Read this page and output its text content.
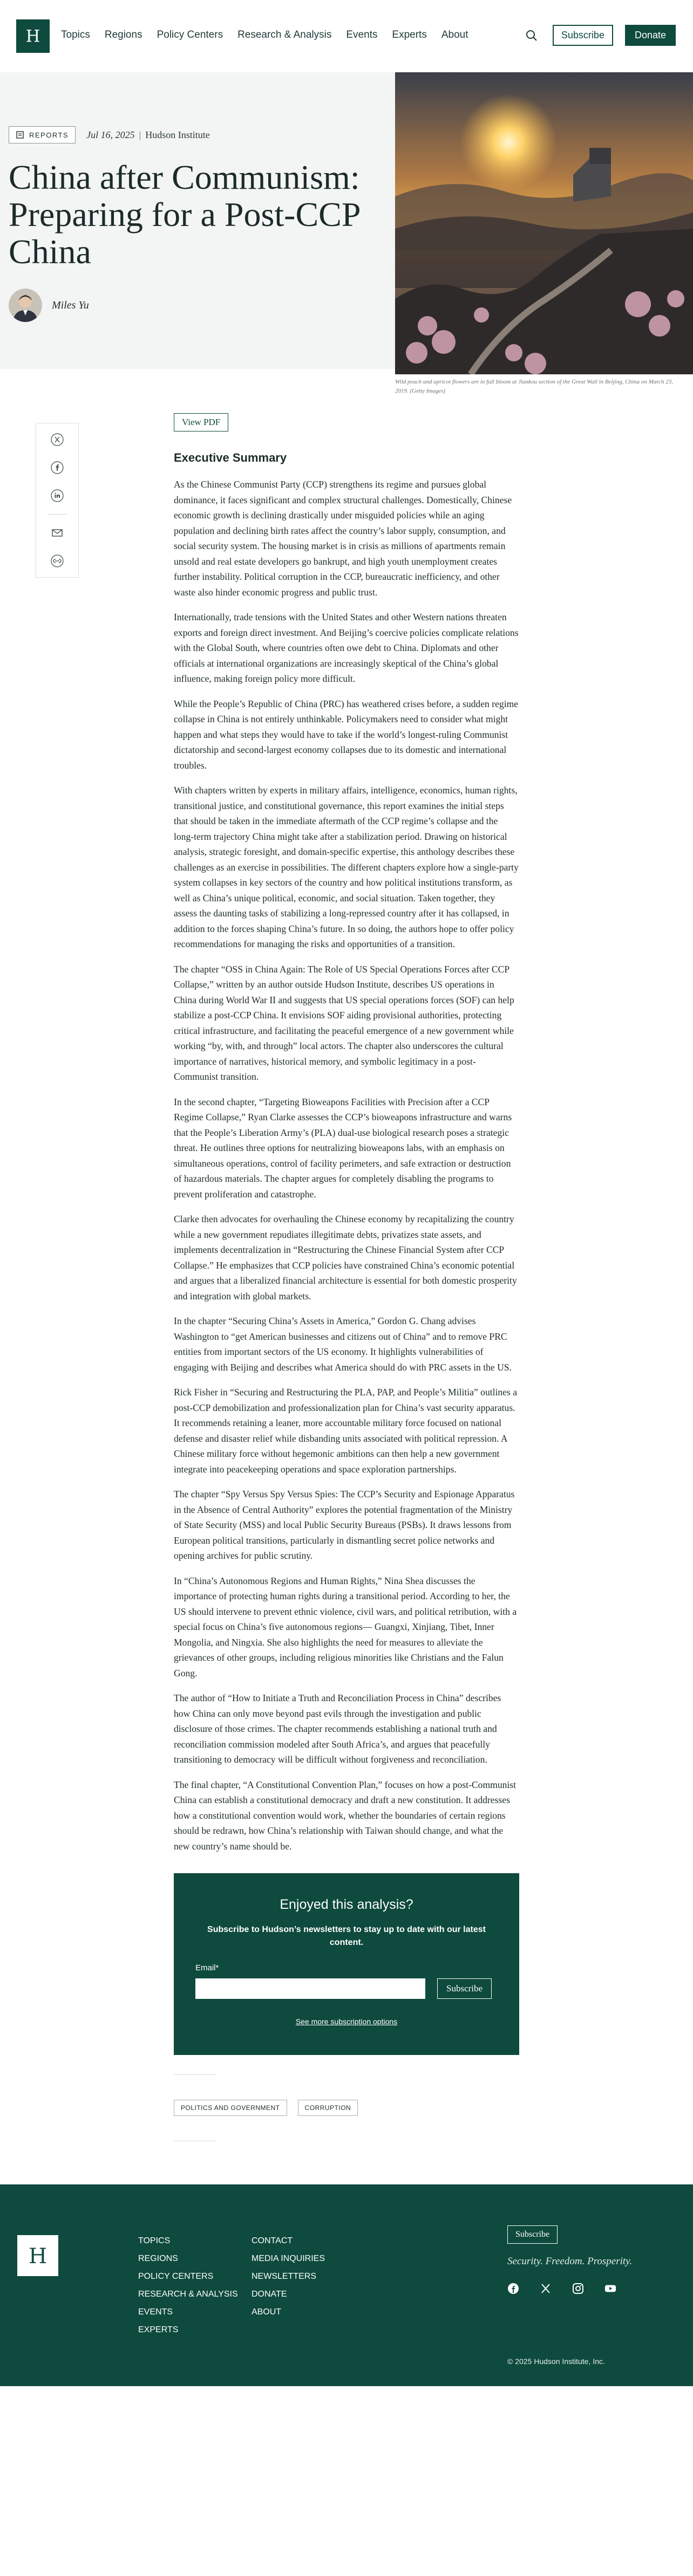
H Topics Regions Policy Centers Research & Analysis Events Experts About	Subscribe	Donate
REPORTS Jul 16, 2025 | Hudson Institute
China after Communism: Preparing for a Post-CCP China
Miles Yu

Wild peach and apricot flowers are in full bloom at Jiankou section of the Great Wall in Beijing, China on March 23, 2019. (Getty Images)

View PDF
Executive Summary

As the Chinese Communist Party (CCP) strengthens its regime and pursues global dominance, it faces significant and complex structural challenges. Domestically, Chinese economic growth is declining drastically under misguided policies while an aging population and declining birth rates affect the country’s labor supply, consumption, and social security system. The housing market is in crisis as millions of apartments remain unsold and real estate developers go bankrupt, and high youth unemployment creates further instability. Political corruption in the CCP, bureaucratic inefficiency, and other waste also hinder economic progress and public trust.

Internationally, trade tensions with the United States and other Western nations threaten exports and foreign direct investment. And Beijing’s coercive policies complicate relations with the Global South, where countries often owe debt to China. Diplomats and other officials at international organizations are increasingly skeptical of the China’s global influence, making foreign policy more difficult.

While the People’s Republic of China (PRC) has weathered crises before, a sudden regime collapse in China is not entirely unthinkable. Policymakers need to consider what might happen and what steps they would have to take if the world’s longest-ruling Communist dictatorship and second-largest economy collapses due to its domestic and international troubles.

With chapters written by experts in military affairs, intelligence, economics, human rights, transitional justice, and constitutional governance, this report examines the initial steps that should be taken in the immediate aftermath of the CCP regime’s collapse and the long-term trajectory China might take after a stabilization period. Drawing on historical analysis, strategic foresight, and domain-specific expertise, this anthology describes these challenges as an exercise in possibilities. The different chapters explore how a single-party system collapses in key sectors of the country and how political institutions transform, as well as China’s unique political, economic, and social situation. Taken together, they assess the daunting tasks of stabilizing a long-repressed country after it has collapsed, in addition to the forces shaping China’s future. In so doing, the authors hope to offer policy recommendations for managing the risks and opportunities of a transition.

The chapter “OSS in China Again: The Role of US Special Operations Forces after CCP Collapse,” written by an author outside Hudson Institute, describes US operations in China during World War II and suggests that US special operations forces (SOF) can help stabilize a post-CCP China. It envisions SOF aiding provisional authorities, protecting critical infrastructure, and facilitating the peaceful emergence of a new government while working “by, with, and through” local actors. The chapter also underscores the cultural importance of narratives, historical memory, and symbolic legitimacy in a post-Communist transition.

In the second chapter, “Targeting Bioweapons Facilities with Precision after a CCP Regime Collapse,” Ryan Clarke assesses the CCP’s bioweapons infrastructure and warns that the People’s Liberation Army’s (PLA) dual-use biological research poses a strategic threat. He outlines three options for neutralizing bioweapons labs, with an emphasis on simultaneous operations, control of facility perimeters, and safe extraction or destruction of hazardous materials. The chapter argues for completely disabling the programs to prevent proliferation and catastrophe.

Clarke then advocates for overhauling the Chinese economy by recapitalizing the country while a new government repudiates illegitimate debts, privatizes state assets, and implements decentralization in “Restructuring the Chinese Financial System after CCP Collapse.” He emphasizes that CCP policies have constrained China’s economic potential and argues that a liberalized financial architecture is essential for both domestic prosperity and integration with global markets.

In the chapter “Securing China’s Assets in America,” Gordon G. Chang advises Washington to “get American businesses and citizens out of China” and to remove PRC entities from important sectors of the US economy. It highlights vulnerabilities of engaging with Beijing and describes what America should do with PRC assets in the US.

Rick Fisher in “Securing and Restructuring the PLA, PAP, and People’s Militia” outlines a post-CCP demobilization and professionalization plan for China’s vast security apparatus. It recommends retaining a leaner, more accountable military force focused on national defense and disaster relief while disbanding units associated with political repression. A Chinese military force without hegemonic ambitions can then help a new government integrate into peacekeeping operations and space exploration partnerships.

The chapter “Spy Versus Spy Versus Spies: The CCP’s Security and Espionage Apparatus in the Absence of Central Authority” explores the potential fragmentation of the Ministry of State Security (MSS) and local Public Security Bureaus (PSBs). It draws lessons from European political transitions, particularly in dismantling secret police networks and opening archives for public scrutiny.

In “China’s Autonomous Regions and Human Rights,” Nina Shea discusses the importance of protecting human rights during a transitional period. According to her, the US should intervene to prevent ethnic violence, civil wars, and political retribution, with a special focus on China’s five autonomous regions— Guangxi, Xinjiang, Tibet, Inner Mongolia, and Ningxia. She also highlights the need for measures to alleviate the grievances of other groups, including religious minorities like Christians and the Falun Gong.

The author of “How to Initiate a Truth and Reconciliation Process in China” describes how China can only move beyond past evils through the investigation and public disclosure of those crimes. The chapter recommends establishing a national truth and reconciliation commission modeled after South Africa’s, and argues that peacefully transitioning to democracy will be difficult without forgiveness and reconciliation.

The final chapter, “A Constitutional Convention Plan,” focuses on how a post-Communist China can establish a constitutional democracy and draft a new constitution. It addresses how a constitutional convention would work, whether the boundaries of certain regions should be redrawn, how China’s relationship with Taiwan should change, and what the new country’s name should be.

Enjoyed this analysis?

Subscribe to Hudson’s newsletters to stay up to date with our latest content.

Email*
Subscribe
See more subscription options
POLITICS AND GOVERNMENT	CORRUPTION
H
TOPICS
REGIONS
POLICY CENTERS
RESEARCH & ANALYSIS
EVENTS
EXPERTS
CONTACT
MEDIA INQUIRIES
NEWSLETTERS
DONATE
ABOUT
Subscribe

Security. Freedom. Prosperity.

© 2025 Hudson Institute, Inc.
